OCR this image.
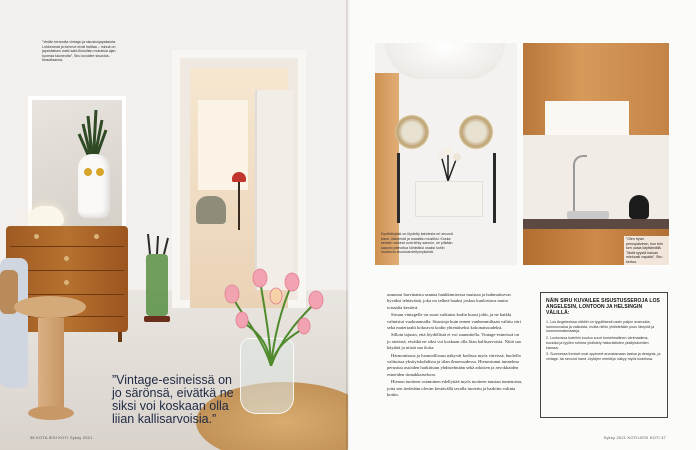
”Vedän teranoita vintage-ja sisustusjapaksiota. Lohkeamat ja lommot eivät haittaa – minuä on japanilaisen wabi-sabi-filosofian mukaisia ajan tuomaa kauneutta”, Siru kuvailee sisustus-filosofiaansa.

”Vintage-esineissä on jo särönsä, eivätkä ne siksi voi koskaan olla liian kallisarvoisia.”

36 KOTILIESI KOTI Syksy 2021

Kynttilänjalat on löydetty kahdesta eri second hand -liikkeestä ja maalattu mustiksi. Koska seinien valkeat ovat tehty samoin, ne pitkään saavat patinoitua kiinteäksi osaksi kotiin muistona sisustusmieltymyksistä.

”Olen hyvin peruspalvinen, kun tein sen uusia käyttämällä. Tästä syystä haluan mieluusti vapaita”, Siru kertoo.

asunnon harvinaista saunaa hankkimisessa muistaa ja huhmaitsevat hyväksi tehtävästä, joka on selkeä haaksi joskus kuulostava mutta toisaalta kestävä.

Siruun vintagelle on suuri vaikutus kodin kuusi johti, ja ne kaikki valmistui vuokraamalla. Sisustaja kuin ennen vanhemmiltaan valittu väri sekä materiaalit kokoavat kodin yhtenäiseksi kokonaisuudeksi.

Silloin tajusin, että löydöllistä ei voi suunnitella. Vintage-esineissä on jo särönsä, eivätkä ne siksi voi koskaan olla liian kallisarvoisia. Niitä saa käyttää ja niistä saa iloita.

Harmonisuus ja luonnollisuus näkyvät kodissa myös väreissä, huolella valituissa yksityiskohdissa ja tilan ilmavuudessa. Hienostunut tunnelma perustuu asioiden harkittuun yhdistelmään sekä arkisten ja arvokkaiden esineiden rinnakkaiseloon.

Hienon tuotteen ostaminen edellyttää myös tuotteen taustan tuntemista, jotta sen tiedetään olevan kestävällä tavalla tuotettu ja harkittu valinta kotiin.

NÄIN SIRU KUVAILEE SISUSTUSSEROJA LOS ANGELESIN, LONTOON JA HELSINGIN VÄLILLÄ:

1. Los Angelesissa nähtiin on tyypillisesti usein paljon avaruutta, luonnonvaloa ja valkoista, mutta niihin yhdistetään puun lämpöä ja luonnonmateriaaleja.

2. Lontoossa koteihin kuuluu suuri tunnelmallinen värimaailma, kuvioita ja tyylien rohkea yhdistely historiallisten yksityiskohtien kanssa.

3. Suomessa ihmiset ovat oppineet arvostamaan laatua ja designia, ja vintage- tai second hand -löytöjen merkitys näkyy myös kodeissa.

Syksy 2021 KOTILIESI KOTI 37
